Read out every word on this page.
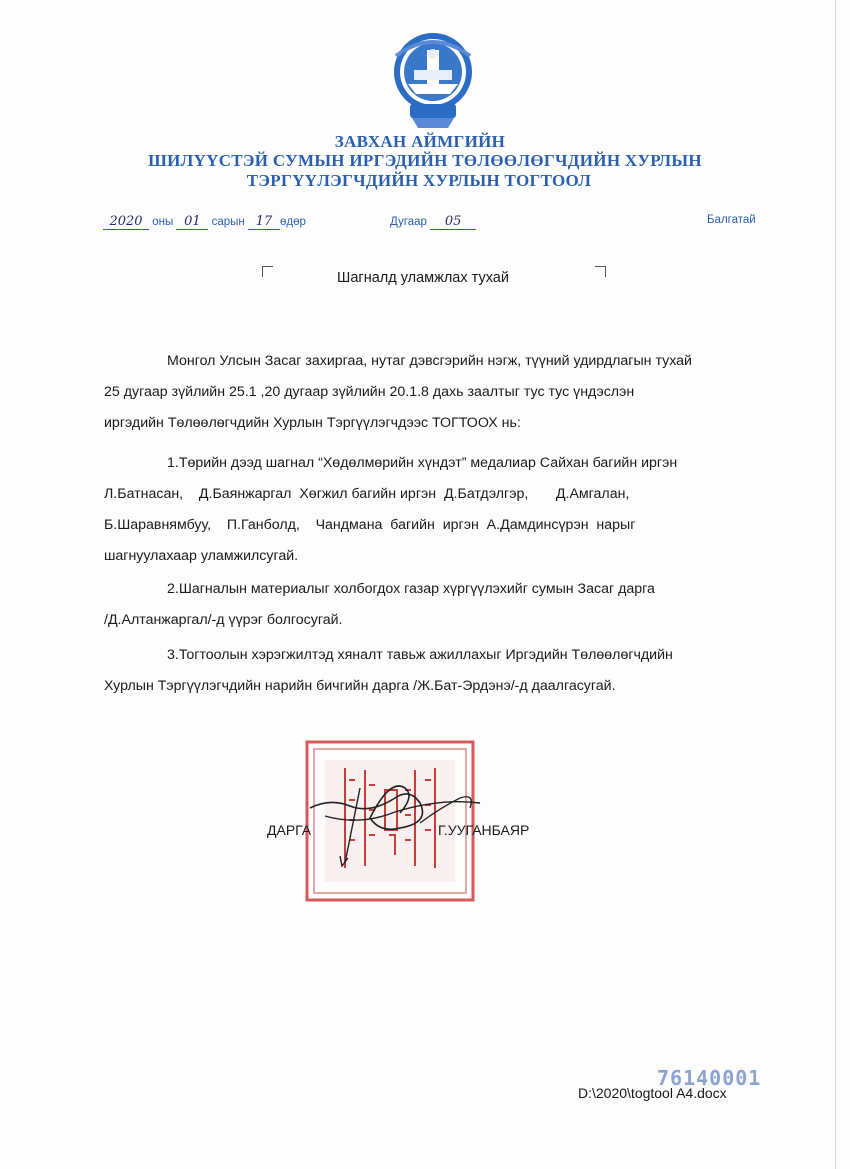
ЗАВХАН АЙМГИЙН
ШИЛҮҮСТЭЙ СУМЫН ИРГЭДИЙН ТӨЛӨӨЛӨГЧДИЙН ХУРЛЫН
ТЭРГҮҮЛЭГЧДИЙН ХУРЛЫН ТОГТООЛ
2020 оны 01 сарын 17 өдөр	Дугаар 05	Балгатай
Шагналд уламжлах тухай
Монгол Улсын Засаг захиргаа, нутаг дэвсгэрийн нэгж, түүний удирдлагын тухай
25 дугаар зүйлийн 25.1 ,20 дугаар зүйлийн 20.1.8 дахь заалтыг тус тус үндэслэн
иргэдийн Төлөөлөгчдийн Хурлын Тэргүүлэгчдээс ТОГТООХ нь:
1.Төрийн дээд шагнал “Хөдөлмөрийн хүндэт” медалиар Сайхан багийн иргэн
Л.Батнасан,    Д.Баянжаргал  Хөгжил багийн иргэн  Д.Батдэлгэр,       Д.Амгалан,
Б.Шаравнямбуу,    П.Ганболд,    Чандмана  багийн  иргэн  А.Дамдинсүрэн  нарыг
шагнуулахаар уламжилсугай.
2.Шагналын материалыг холбогдох газар хүргүүлэхийг сумын Засаг дарга
/Д.Алтанжаргал/-д үүрэг болгосугай.
3.Тогтоолын хэрэгжилтэд хяналт тавьж ажиллахыг Иргэдийн Төлөөлөгчдийн
Хурлын Тэргүүлэгчдийн нарийн бичгийн дарга /Ж.Бат-Эрдэнэ/-д даалгасугай.
ДАРГА	Г.УУГАНБАЯР
76140001
D:\2020\togtool A4.docx
